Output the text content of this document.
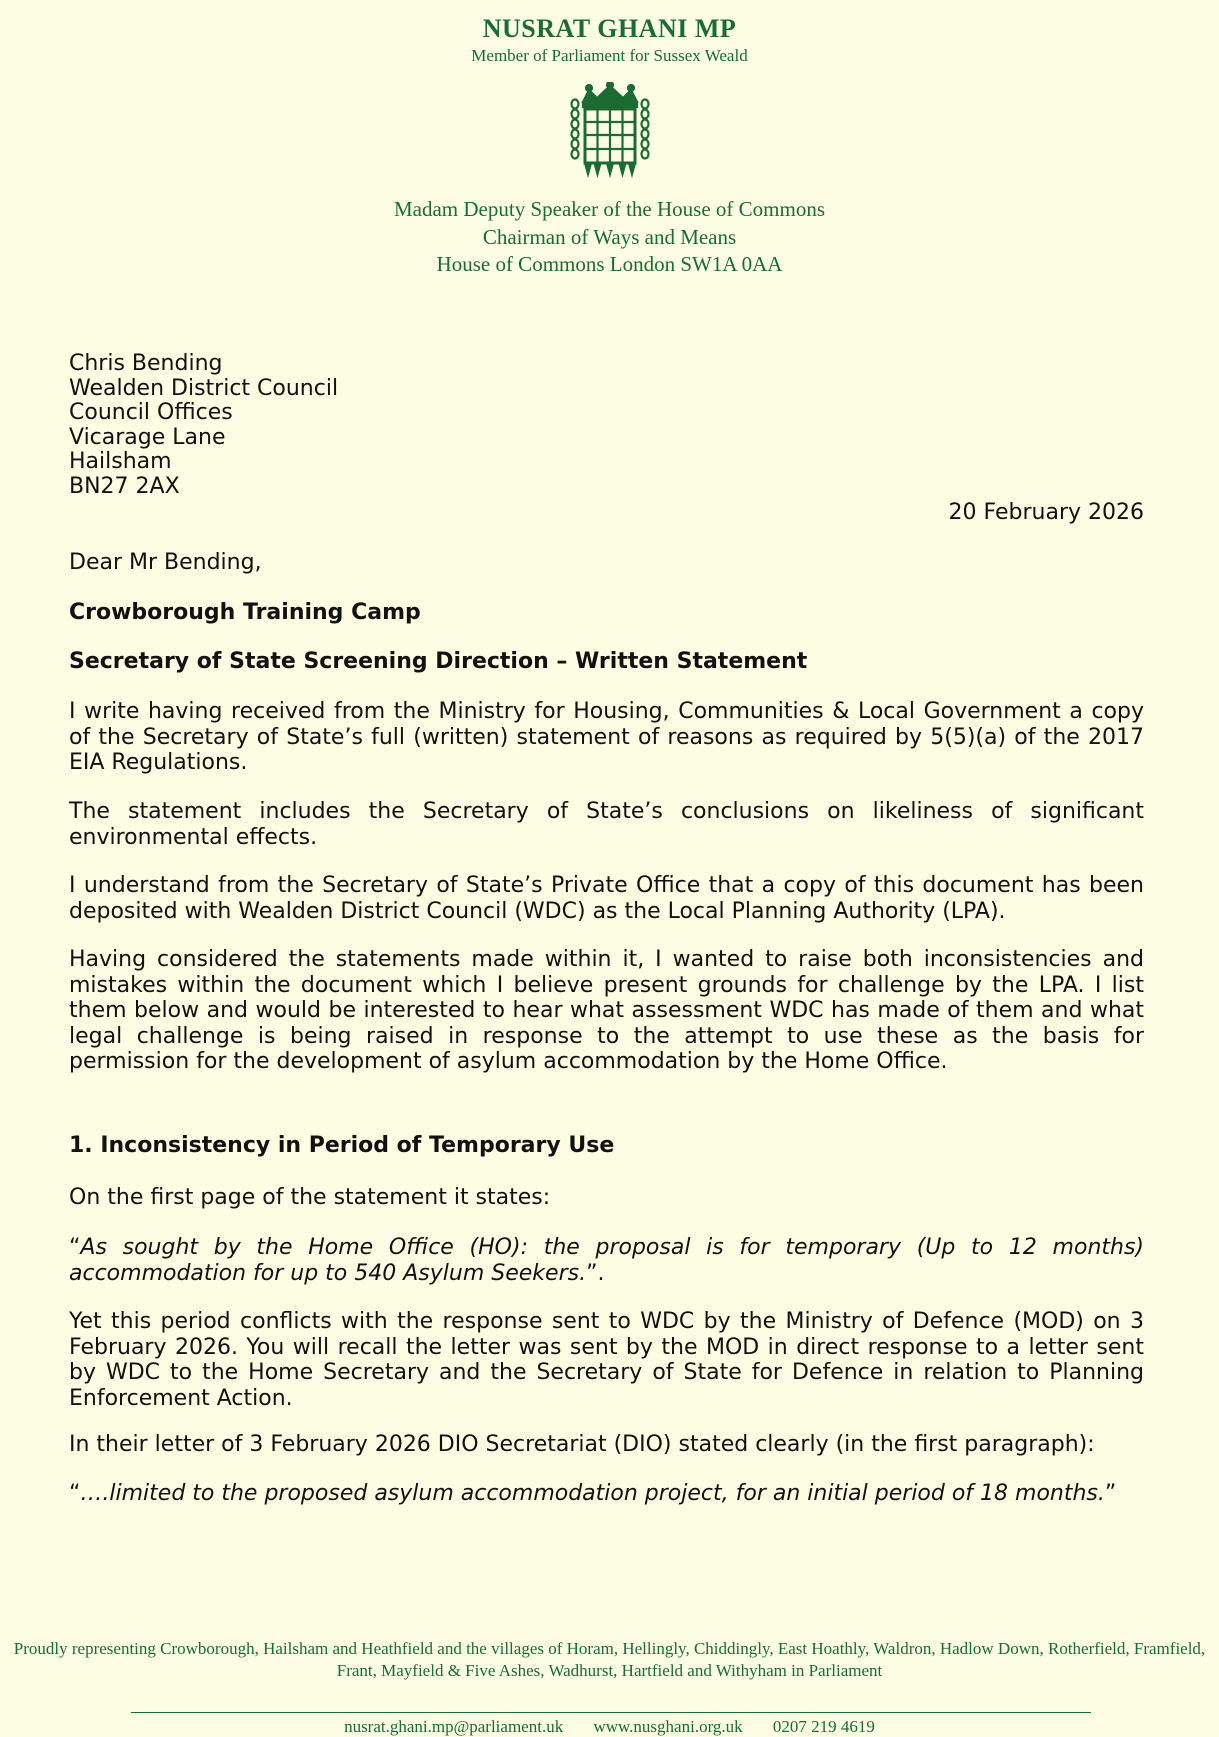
NUSRAT GHANI MP
Member of Parliament for Sussex Weald
Madam Deputy Speaker of the House of Commons
Chairman of Ways and Means
House of Commons London SW1A 0AA
Chris Bending
Wealden District Council
Council Offices
Vicarage Lane
Hailsham
BN27 2AX
20 February 2026

Dear Mr Bending,

Crowborough Training Camp

Secretary of State Screening Direction – Written Statement

I write having received from the Ministry for Housing, Communities & Local Government a copy of the Secretary of State’s full (written) statement of reasons as required by 5(5)(a) of the 2017 EIA Regulations.

The statement includes the Secretary of State’s conclusions on likeliness of significant environmental effects.

I understand from the Secretary of State’s Private Office that a copy of this document has been deposited with Wealden District Council (WDC) as the Local Planning Authority (LPA).

Having considered the statements made within it, I wanted to raise both inconsistencies and mistakes within the document which I believe present grounds for challenge by the LPA. I list them below and would be interested to hear what assessment WDC has made of them and what legal challenge is being raised in response to the attempt to use these as the basis for permission for the development of asylum accommodation by the Home Office.

1. Inconsistency in Period of Temporary Use

On the first page of the statement it states:

“As sought by the Home Office (HO): the proposal is for temporary (Up to 12 months) accommodation for up to 540 Asylum Seekers.”.

Yet this period conflicts with the response sent to WDC by the Ministry of Defence (MOD) on 3 February 2026. You will recall the letter was sent by the MOD in direct response to a letter sent by WDC to the Home Secretary and the Secretary of State for Defence in relation to Planning Enforcement Action.

In their letter of 3 February 2026 DIO Secretariat (DIO) stated clearly (in the first paragraph):

“….limited to the proposed asylum accommodation project, for an initial period of 18 months.”

Proudly representing Crowborough, Hailsham and Heathfield and the villages of Horam, Hellingly, Chiddingly, East Hoathly, Waldron, Hadlow Down, Rotherfield, Framfield, Frant, Mayfield & Five Ashes, Wadhurst, Hartfield and Withyham in Parliament
nusrat.ghani.mp@parliament.uk www.nusghani.org.uk 0207 219 4619
